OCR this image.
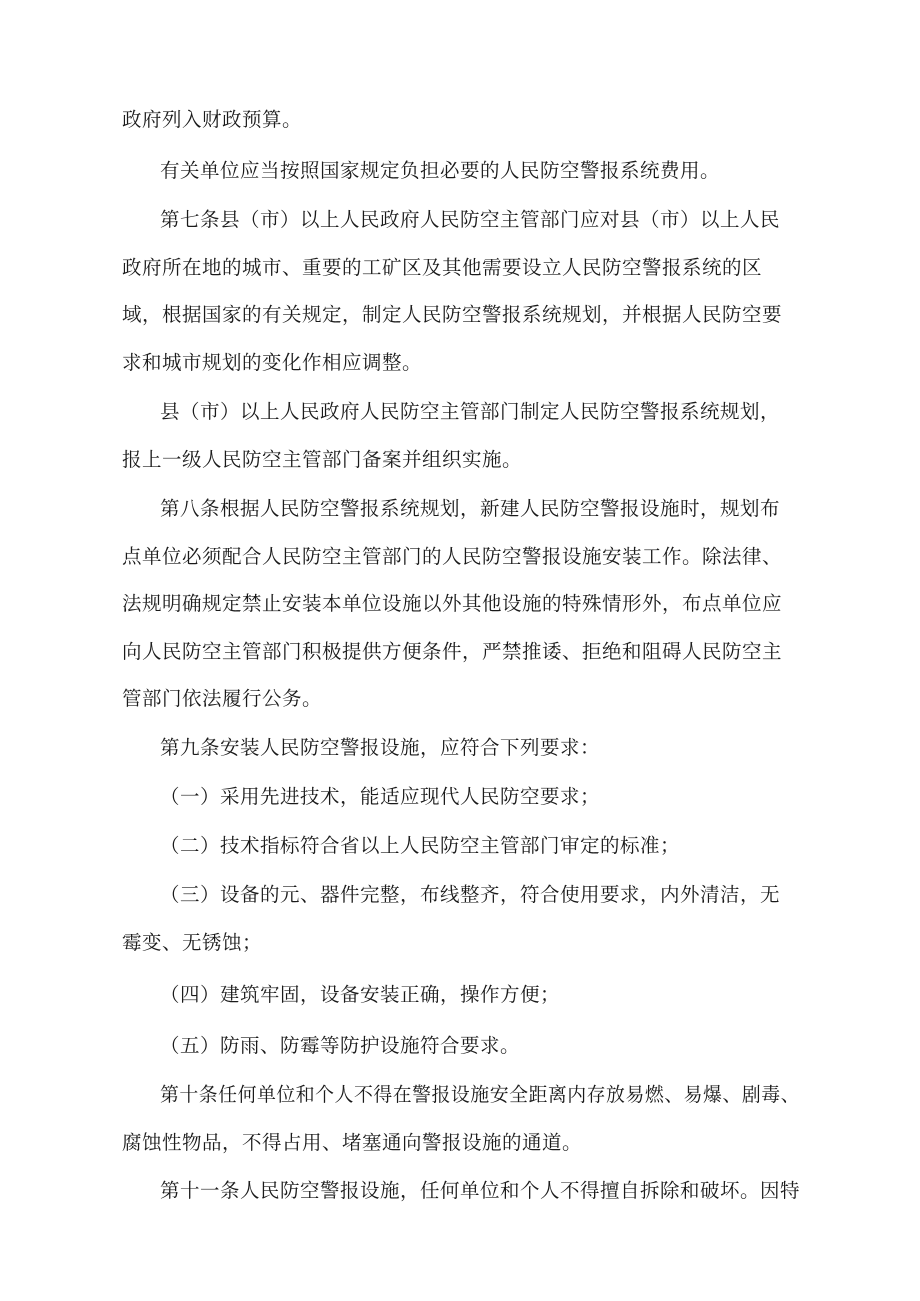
政府列入财政预算。

有关单位应当按照国家规定负担必要的人民防空警报系统费用。

第七条县（市）以上人民政府人民防空主管部门应对县（市）以上人民

政府所在地的城市、重要的工矿区及其他需要设立人民防空警报系统的区

域，根据国家的有关规定，制定人民防空警报系统规划，并根据人民防空要

求和城市规划的变化作相应调整。

县（市）以上人民政府人民防空主管部门制定人民防空警报系统规划，

报上一级人民防空主管部门备案并组织实施。

第八条根据人民防空警报系统规划，新建人民防空警报设施时，规划布

点单位必须配合人民防空主管部门的人民防空警报设施安装工作。除法律、

法规明确规定禁止安装本单位设施以外其他设施的特殊情形外，布点单位应

向人民防空主管部门积极提供方便条件，严禁推诿、拒绝和阻碍人民防空主

管部门依法履行公务。

第九条安装人民防空警报设施，应符合下列要求：

（一）采用先进技术，能适应现代人民防空要求；

（二）技术指标符合省以上人民防空主管部门审定的标准；

（三）设备的元、器件完整，布线整齐，符合使用要求，内外清洁，无

霉变、无锈蚀；

（四）建筑牢固，设备安装正确，操作方便；

（五）防雨、防霉等防护设施符合要求。

第十条任何单位和个人不得在警报设施安全距离内存放易燃、易爆、剧毒、

腐蚀性物品，不得占用、堵塞通向警报设施的通道。

第十一条人民防空警报设施，任何单位和个人不得擅自拆除和破坏。因特
